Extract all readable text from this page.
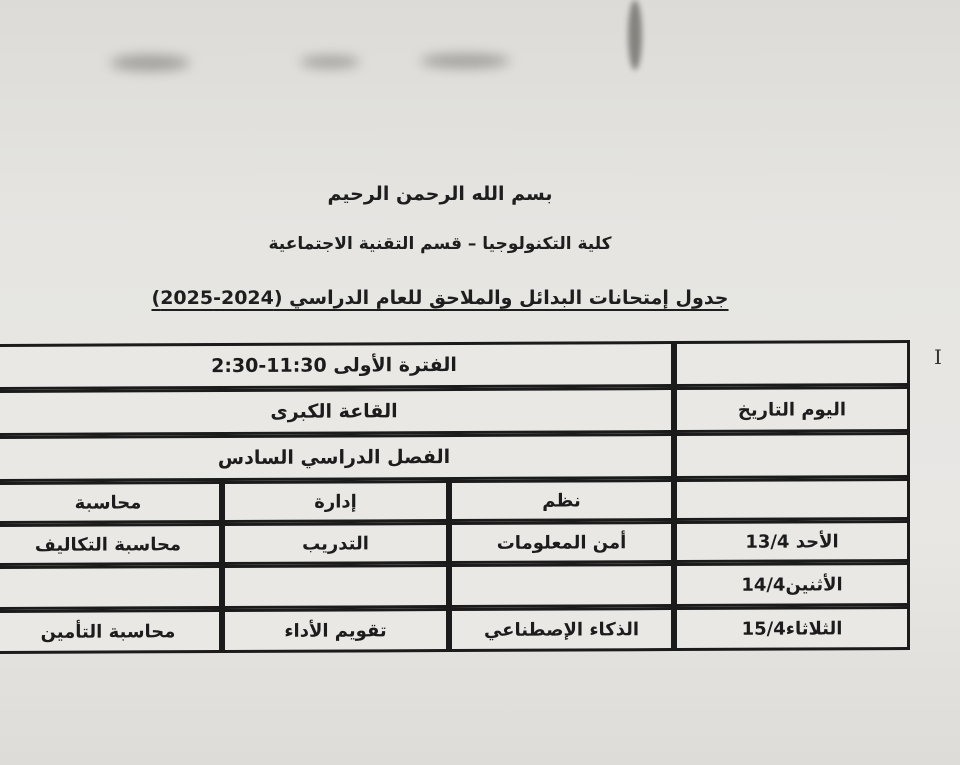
بسم الله الرحمن الرحيم
كلية التكنولوجيا – قسم التقنية الاجتماعية
جدول إمتحانات البدائل والملاحق للعام الدراسي (2024-2025)
I
الفترة الأولى 11:30-2:30
اليوم التاريخ
القاعة الكبرى
الفصل الدراسي السادس
نظم
إدارة
محاسبة
الأحد 13/4
أمن المعلومات
التدريب
محاسبة التكاليف
الأثنين14/4
الثلاثاء15/4
الذكاء الإصطناعي
تقويم الأداء
محاسبة التأمين
